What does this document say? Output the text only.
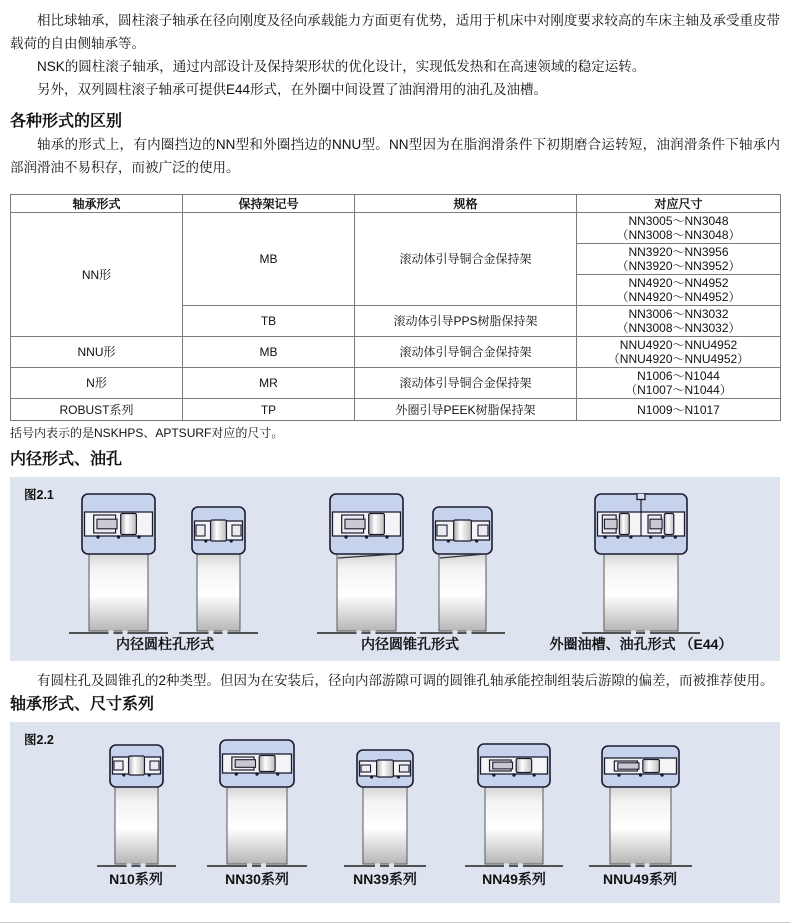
相比球轴承，圆柱滚子轴承在径向刚度及径向承载能力方面更有优势，适用于机床中对刚度要求较高的车床主轴及承受重皮带载荷的自由侧轴承等。

NSK的圆柱滚子轴承，通过内部设计及保持架形状的优化设计，实现低发热和在高速领域的稳定运转。

另外，双列圆柱滚子轴承可提供E44形式，在外圈中间设置了油润滑用的油孔及油槽。

各种形式的区别

轴承的形式上，有内圈挡边的NN型和外圈挡边的NNU型。NN型因为在脂润滑条件下初期磨合运转短，油润滑条件下轴承内部润滑油不易积存，而被广泛的使用。

轴承形式	保持架记号	规格	对应尺寸
NN形	MB	滚动体引导铜合金保持架	NN3005～NN3048
（NN3008～NN3048）

			NN3920～NN3956
（NN3920～NN3952）

			NN4920～NN4952
（NN4920～NN4952）

	TB	滚动体引导PPS树脂保持架	NN3006～NN3032
（NN3008～NN3032）

NNU形	MB	滚动体引导铜合金保持架	NNU4920～NNU4952
（NNU4920～NNU4952）

N形	MR	滚动体引导铜合金保持架	N1006～N1044
（N1007～N1044）

ROBUST系列	TP	外圈引导PEEK树脂保持架	N1009～N1017
括号内表示的是NSKHPS、APTSURF对应的尺寸。
内径形式、油孔
图2.1
内径圆柱孔形式	内径圆锥孔形式	外圈油槽、油孔形式 （E44）

有圆柱孔及圆锥孔的2种类型。但因为在安装后，径向内部游隙可调的圆锥孔轴承能控制组装后游隙的偏差，而被推荐使用。

轴承形式、尺寸系列
图2.2
N10系列	NN30系列	NN39系列	NN49系列	NNU49系列
